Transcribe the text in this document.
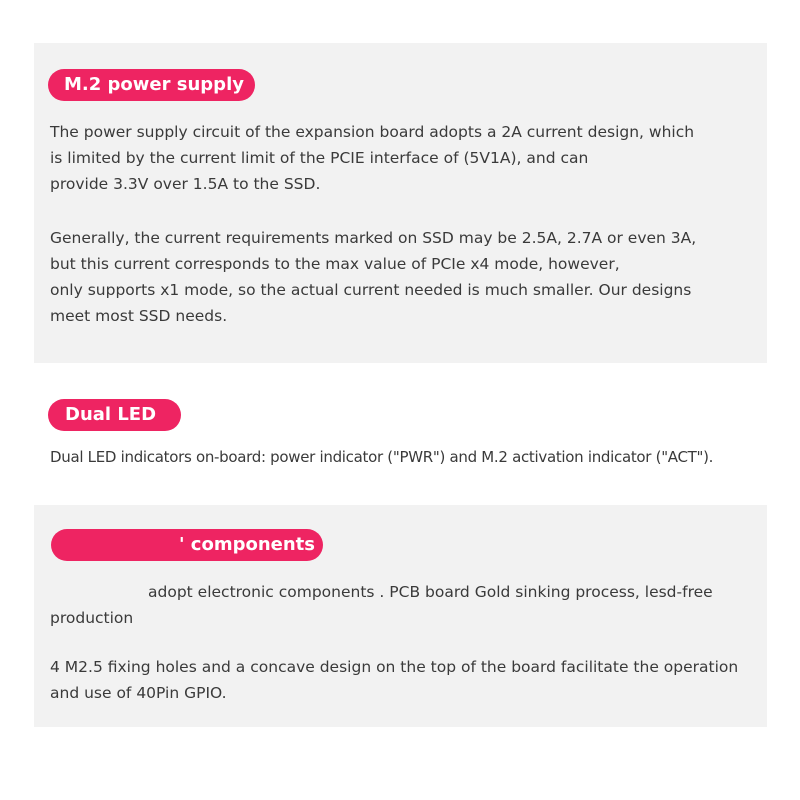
M.2 power supply
The power supply circuit of the expansion board adopts a 2A current design, which
is limited by the current limit of the PCIE interface of (5V1A), and can
provide 3.3V over 1.5A to the SSD.
Generally, the current requirements marked on SSD may be 2.5A, 2.7A or even 3A,
but this current corresponds to the max value of PCIe x4 mode, however,
only supports x1 mode, so the actual current needed is much smaller. Our designs
meet most SSD needs.
Dual LED
Dual LED indicators on-board: power indicator ("PWR") and M.2 activation indicator ("ACT").
' components
adopt electronic components . PCB board Gold sinking process, lesd-free
production
4 M2.5 fixing holes and a concave design on the top of the board facilitate the operation
and use of 40Pin GPIO.
